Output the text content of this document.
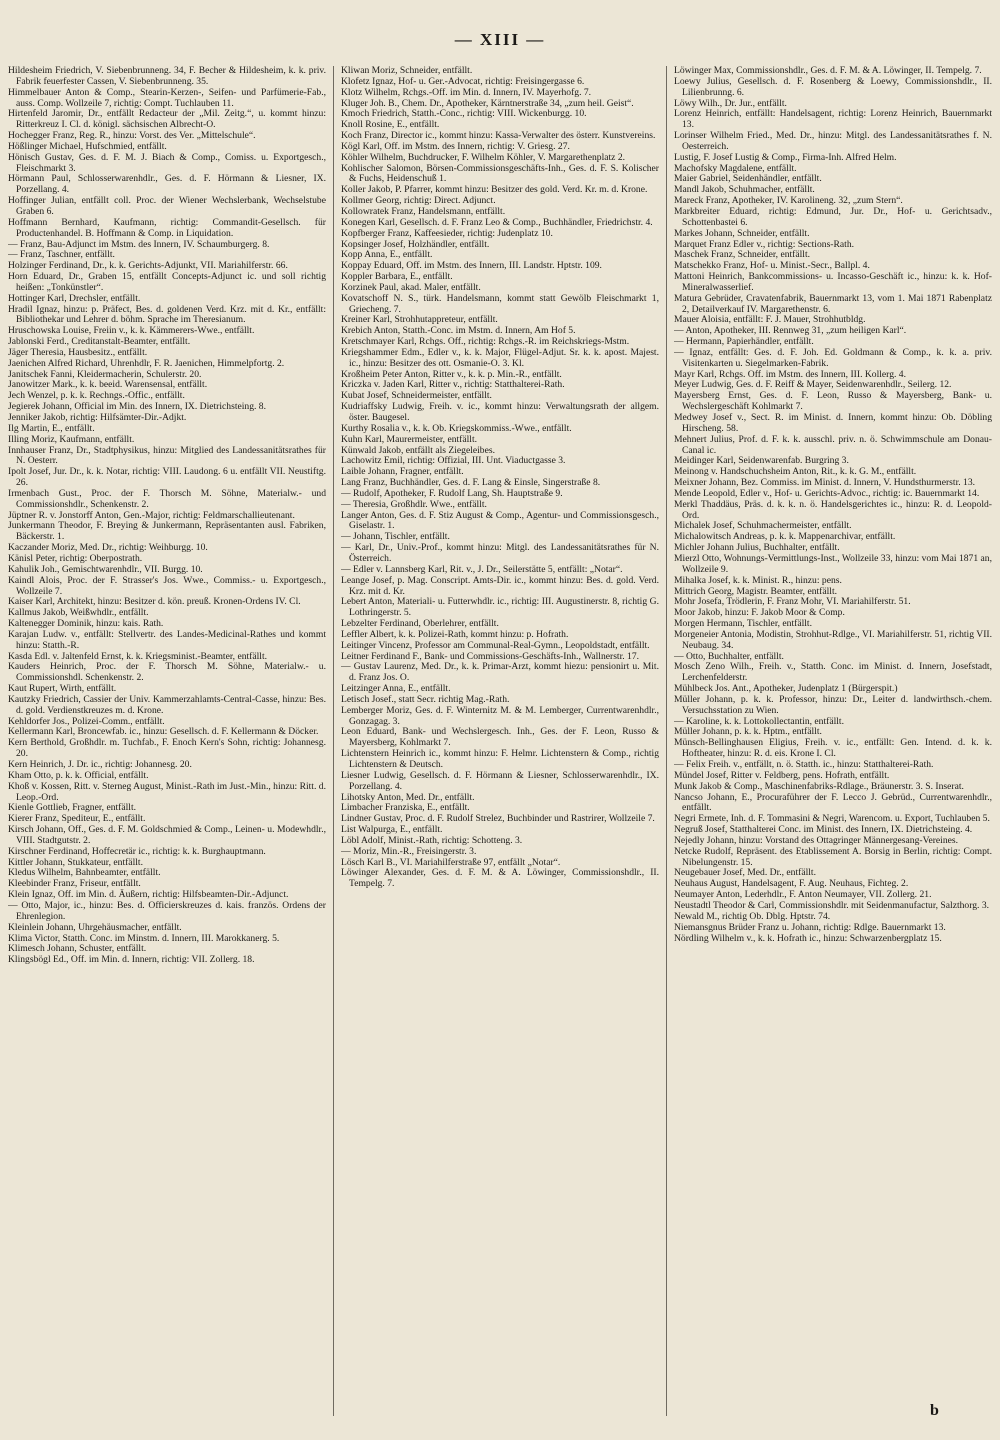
— XIII —

Hildesheim Friedrich, V. Siebenbrunneng. 34, F. Becher & Hildesheim, k. k. priv. Fabrik feuerfester Cassen, V. Siebenbrunneng. 35.

Himmelbauer Anton & Comp., Stearin-Kerzen-, Seifen- und Parfümerie-Fab., auss. Comp. Wollzeile 7, richtig: Compt. Tuchlauben 11.

Hirtenfeld Jaromir, Dr., entfällt Redacteur der „Mil. Zeitg.“, u. kommt hinzu: Ritterkreuz I. Cl. d. königl. sächsischen Albrecht-O.

Hochegger Franz, Reg. R., hinzu: Vorst. des Ver. „Mittelschule“.

Hößlinger Michael, Hufschmied, entfällt.

Hönisch Gustav, Ges. d. F. M. J. Biach & Comp., Comiss. u. Exportgesch., Fleischmarkt 3.

Hörmann Paul, Schlosserwarenhdlr., Ges. d. F. Hörmann & Liesner, IX. Porzellang. 4.

Hoffinger Julian, entfällt coll. Proc. der Wiener Wechslerbank, Wechselstube Graben 6.

Hoffmann Bernhard, Kaufmann, richtig: Commandit-Gesellsch. für Productenhandel. B. Hoffmann & Comp. in Liquidation.

— Franz, Bau-Adjunct im Mstm. des Innern, IV. Schaumburgerg. 8.

— Franz, Taschner, entfällt.

Holzinger Ferdinand, Dr., k. k. Gerichts-Adjunkt, VII. Mariahilferstr. 66.

Horn Eduard, Dr., Graben 15, entfällt Concepts-Adjunct ic. und soll richtig heißen: „Tonkünstler“.

Hottinger Karl, Drechsler, entfällt.

Hradil Ignaz, hinzu: p. Präfect, Bes. d. goldenen Verd. Krz. mit d. Kr., entfällt: Bibliothekar und Lehrer d. böhm. Sprache im Theresianum.

Hruschowska Louise, Freiin v., k. k. Kämmerers-Wwe., entfällt.

Jablonski Ferd., Creditanstalt-Beamter, entfällt.

Jäger Theresia, Hausbesitz., entfällt.

Jaenichen Alfred Richard, Uhrenhdlr, F. R. Jaenichen, Himmelpfortg. 2.

Janitschek Fanni, Kleidermacherin, Schulerstr. 20.

Janowitzer Mark., k. k. beeid. Warensensal, entfällt.

Jech Wenzel, p. k. k. Rechngs.-Offic., entfällt.

Jegierek Johann, Official im Min. des Innern, IX. Dietrichsteing. 8.

Jenniker Jakob, richtig: Hilfsämter-Dir.-Adjkt.

Ilg Martin, E., entfällt.

Illing Moriz, Kaufmann, entfällt.

Innhauser Franz, Dr., Stadtphysikus, hinzu: Mitglied des Landessanitätsrathes für N. Oesterr.

Ipolt Josef, Jur. Dr., k. k. Notar, richtig: VIII. Laudong. 6 u. entfällt VII. Neustiftg. 26.

Irmenbach Gust., Proc. der F. Thorsch M. Söhne, Materialw.- und Commissionshdlr., Schenkenstr. 2.

Jüptner R. v. Jonstorff Anton, Gen.-Major, richtig: Feldmarschallieutenant.

Junkermann Theodor, F. Breying & Junkermann, Repräsentanten ausl. Fabriken, Bäckerstr. 1.

Kaczander Moriz, Med. Dr., richtig: Weihburgg. 10.

Känisl Peter, richtig: Oberpostrath.

Kahulik Joh., Gemischtwarenhdlr., VII. Burgg. 10.

Kaindl Alois, Proc. der F. Strasser's Jos. Wwe., Commiss.- u. Exportgesch., Wollzeile 7.

Kaiser Karl, Architekt, hinzu: Besitzer d. kön. preuß. Kronen-Ordens IV. Cl.

Kallmus Jakob, Weißwhdlr., entfällt.

Kaltenegger Dominik, hinzu: kais. Rath.

Karajan Ludw. v., entfällt: Stellvertr. des Landes-Medicinal-Rathes und kommt hinzu: Statth.-R.

Kasda Edl. v. Jaltenfeld Ernst, k. k. Kriegsminist.-Beamter, entfällt.

Kauders Heinrich, Proc. der F. Thorsch M. Söhne, Materialw.- u. Commissionshdl. Schenkenstr. 2.

Kaut Rupert, Wirth, entfällt.

Kautzky Friedrich, Cassier der Univ. Kammerzahlamts-Central-Casse, hinzu: Bes. d. gold. Verdienstkreuzes m. d. Krone.

Kehldorfer Jos., Polizei-Comm., entfällt.

Kellermann Karl, Broncewfab. ic., hinzu: Gesellsch. d. F. Kellermann & Döcker.

Kern Berthold, Großhdlr. m. Tuchfab., F. Enoch Kern's Sohn, richtig: Johannesg. 20.

Kern Heinrich, J. Dr. ic., richtig: Johannesg. 20.

Kham Otto, p. k. k. Official, entfällt.

Khoß v. Kossen, Ritt. v. Sterneg August, Minist.-Rath im Just.-Min., hinzu: Ritt. d. Leop.-Ord.

Kienle Gottlieb, Fragner, entfällt.

Kierer Franz, Spediteur, E., entfällt.

Kirsch Johann, Off., Ges. d. F. M. Goldschmied & Comp., Leinen- u. Modewhdlr., VIII. Stadtgutstr. 2.

Kirschner Ferdinand, Hoffecretär ic., richtig: k. k. Burghauptmann.

Kittler Johann, Stukkateur, entfällt.

Kledus Wilhelm, Bahnbeamter, entfällt.

Kleebinder Franz, Friseur, entfällt.

Klein Ignaz, Off. im Min. d. Äußern, richtig: Hilfsbeamten-Dir.-Adjunct.

— Otto, Major, ic., hinzu: Bes. d. Officierskreuzes d. kais. französ. Ordens der Ehrenlegion.

Kleinlein Johann, Uhrgehäusmacher, entfällt.

Klima Victor, Statth. Conc. im Minstm. d. Innern, III. Marokkanerg. 5.

Klimesch Johann, Schuster, entfällt.

Klingsbögl Ed., Off. im Min. d. Innern, richtig: VII. Zollerg. 18.

Kliwan Moriz, Schneider, entfällt.

Klofetz Ignaz, Hof- u. Ger.-Advocat, richtig: Freisingergasse 6.

Klotz Wilhelm, Rchgs.-Off. im Min. d. Innern, IV. Mayerhofg. 7.

Kluger Joh. B., Chem. Dr., Apotheker, Kärntnerstraße 34, „zum heil. Geist“.

Kmoch Friedrich, Statth.-Conc., richtig: VIII. Wickenburgg. 10.

Knoll Rosine, E., entfällt.

Koch Franz, Director ic., kommt hinzu: Kassa-Verwalter des österr. Kunstvereins.

Kögl Karl, Off. im Mstm. des Innern, richtig: V. Griesg. 27.

Köhler Wilhelm, Buchdrucker, F. Wilhelm Köhler, V. Margarethenplatz 2.

Kohlischer Salomon, Börsen-Commissionsgeschäfts-Inh., Ges. d. F. S. Kolischer & Fuchs, Heidenschuß 1.

Koller Jakob, P. Pfarrer, kommt hinzu: Besitzer des gold. Verd. Kr. m. d. Krone.

Kollmer Georg, richtig: Direct. Adjunct.

Kollowratek Franz, Handelsmann, entfällt.

Konegen Karl, Gesellsch. d. F. Franz Leo & Comp., Buchhändler, Friedrichstr. 4.

Kopfberger Franz, Kaffeesieder, richtig: Judenplatz 10.

Kopsinger Josef, Holzhändler, entfällt.

Kopp Anna, E., entfällt.

Koppay Eduard, Off. im Mstm. des Innern, III. Landstr. Hptstr. 109.

Koppler Barbara, E., entfällt.

Korzinek Paul, akad. Maler, entfällt.

Kovatschoff N. S., türk. Handelsmann, kommt statt Gewölb Fleischmarkt 1, Griecheng. 7.

Kreiner Karl, Strohhutappreteur, entfällt.

Krebich Anton, Statth.-Conc. im Mstm. d. Innern, Am Hof 5.

Kretschmayer Karl, Rchgs. Off., richtig: Rchgs.-R. im Reichskriegs-Mstm.

Kriegshammer Edm., Edler v., k. k. Major, Flügel-Adjut. Sr. k. k. apost. Majest. ic., hinzu: Besitzer des ott. Osmanie-O. 3. Kl.

Kroßheim Peter Anton, Ritter v., k. k. p. Min.-R., entfällt.

Kriczka v. Jaden Karl, Ritter v., richtig: Statthalterei-Rath.

Kubat Josef, Schneidermeister, entfällt.

Kudriaffsky Ludwig, Freih. v. ic., kommt hinzu: Verwaltungsrath der allgem. öster. Baugesel.

Kurthy Rosalia v., k. k. Ob. Kriegskommiss.-Wwe., entfällt.

Kuhn Karl, Maurermeister, entfällt.

Künwald Jakob, entfällt als Ziegeleibes.

Lachowitz Emil, richtig: Offizial, III. Unt. Viaductgasse 3.

Laible Johann, Fragner, entfällt.

Lang Franz, Buchhändler, Ges. d. F. Lang & Einsle, Singerstraße 8.

— Rudolf, Apotheker, F. Rudolf Lang, Sh. Hauptstraße 9.

— Theresia, Großhdlr. Wwe., entfällt.

Langer Anton, Ges. d. F. Stiz August & Comp., Agentur- und Commissionsgesch., Giselastr. 1.

— Johann, Tischler, entfällt.

— Karl, Dr., Univ.-Prof., kommt hinzu: Mitgl. des Landessanitätsrathes für N. Österreich.

— Edler v. Lannsberg Karl, Rit. v., J. Dr., Seilerstätte 5, entfällt: „Notar“.

Leange Josef, p. Mag. Conscript. Amts-Dir. ic., kommt hinzu: Bes. d. gold. Verd. Krz. mit d. Kr.

Lebert Anton, Materiali- u. Futterwhdlr. ic., richtig: III. Augustinerstr. 8, richtig G. Lothringerstr. 5.

Lebzelter Ferdinand, Oberlehrer, entfällt.

Leffler Albert, k. k. Polizei-Rath, kommt hinzu: p. Hofrath.

Leitinger Vincenz, Professor am Communal-Real-Gymn., Leopoldstadt, entfällt.

Leitner Ferdinand F., Bank- und Commissions-Geschäfts-Inh., Wallnerstr. 17.

— Gustav Laurenz, Med. Dr., k. k. Primar-Arzt, kommt hiezu: pensionirt u. Mit. d. Franz Jos. O.

Leitzinger Anna, E., entfällt.

Letisch Josef., statt Secr. richtig Mag.-Rath.

Lemberger Moriz, Ges. d. F. Winternitz M. & M. Lemberger, Currentwarenhdlr., Gonzagag. 3.

Leon Eduard, Bank- und Wechslergesch. Inh., Ges. der F. Leon, Russo & Mayersberg, Kohlmarkt 7.

Lichtenstern Heinrich ic., kommt hinzu: F. Helmr. Lichtenstern & Comp., richtig Lichtenstern & Deutsch.

Liesner Ludwig, Gesellsch. d. F. Hörmann & Liesner, Schlosserwarenhdlr., IX. Porzellang. 4.

Lihotsky Anton, Med. Dr., entfällt.

Limbacher Franziska, E., entfällt.

Lindner Gustav, Proc. d. F. Rudolf Strelez, Buchbinder und Rastrirer, Wollzeile 7.

List Walpurga, E., entfällt.

Löbl Adolf, Minist.-Rath, richtig: Schotteng. 3.

— Moriz, Min.-R., Freisingerstr. 3.

Lösch Karl B., VI. Mariahilferstraße 97, entfällt „Notar“.

Löwinger Alexander, Ges. d. F. M. & A. Löwinger, Commissionshdlr., II. Tempelg. 7.

Löwinger Max, Commissionshdlr., Ges. d. F. M. & A. Löwinger, II. Tempelg. 7.

Loewy Julius, Gesellsch. d. F. Rosenberg & Loewy, Commissionshdlr., II. Lilienbrunng. 6.

Löwy Wilh., Dr. Jur., entfällt.

Lorenz Heinrich, entfällt: Handelsagent, richtig: Lorenz Heinrich, Bauernmarkt 13.

Lorinser Wilhelm Fried., Med. Dr., hinzu: Mitgl. des Landessanitätsrathes f. N. Oesterreich.

Lustig, F. Josef Lustig & Comp., Firma-Inh. Alfred Helm.

Machofsky Magdalene, entfällt.

Maier Gabriel, Seidenhändler, entfällt.

Mandl Jakob, Schuhmacher, entfällt.

Mareck Franz, Apotheker, IV. Karolineng. 32, „zum Stern“.

Markbreiter Eduard, richtig: Edmund, Jur. Dr., Hof- u. Gerichtsadv., Schottenbastei 6.

Markes Johann, Schneider, entfällt.

Marquet Franz Edler v., richtig: Sections-Rath.

Maschek Franz, Schneider, entfällt.

Matschekko Franz, Hof- u. Minist.-Secr., Ballpl. 4.

Mattoni Heinrich, Bankcommissions- u. Incasso-Geschäft ic., hinzu: k. k. Hof-Mineralwasserlief.

Matura Gebrüder, Cravatenfabrik, Bauernmarkt 13, vom 1. Mai 1871 Rabenplatz 2, Detailverkauf IV. Margarethenstr. 6.

Mauer Aloisia, entfällt: F. J. Mauer, Strohhutbldg.

— Anton, Apotheker, III. Rennweg 31, „zum heiligen Karl“.

— Hermann, Papierhändler, entfällt.

— Ignaz, entfällt: Ges. d. F. Joh. Ed. Goldmann & Comp., k. k. a. priv. Visitenkarten u. Siegelmarken-Fabrik.

Mayr Karl, Rchgs. Off. im Mstm. des Innern, III. Kollerg. 4.

Meyer Ludwig, Ges. d. F. Reiff & Mayer, Seidenwarenhdlr., Seilerg. 12.

Mayersberg Ernst, Ges. d. F. Leon, Russo & Mayersberg, Bank- u. Wechslergeschäft Kohlmarkt 7.

Medwey Josef v., Sect. R. im Minist. d. Innern, kommt hinzu: Ob. Döbling Hirscheng. 58.

Mehnert Julius, Prof. d. F. k. k. ausschl. priv. n. ö. Schwimmschule am Donau-Canal ic.

Meidinger Karl, Seidenwarenfab. Burgring 3.

Meinong v. Handschuchsheim Anton, Rit., k. k. G. M., entfällt.

Meixner Johann, Bez. Commiss. im Minist. d. Innern, V. Hundsthurmerstr. 13.

Mende Leopold, Edler v., Hof- u. Gerichts-Advoc., richtig: ic. Bauernmarkt 14.

Merkl Thaddäus, Präs. d. k. k. n. ö. Handelsgerichtes ic., hinzu: R. d. Leopold-Ord.

Michalek Josef, Schuhmachermeister, entfällt.

Michalowitsch Andreas, p. k. k. Mappenarchivar, entfällt.

Michler Johann Julius, Buchhalter, entfällt.

Mierzl Otto, Wohnungs-Vermittlungs-Inst., Wollzeile 33, hinzu: vom Mai 1871 an, Wollzeile 9.

Mihalka Josef, k. k. Minist. R., hinzu: pens.

Mittrich Georg, Magistr. Beamter, entfällt.

Mohr Josefa, Trödlerin, F. Franz Mohr, VI. Mariahilferstr. 51.

Moor Jakob, hinzu: F. Jakob Moor & Comp.

Morgen Hermann, Tischler, entfällt.

Morgeneier Antonia, Modistin, Strohhut-Rdlge., VI. Mariahilferstr. 51, richtig VII. Neubaug. 34.

— Otto, Buchhalter, entfällt.

Mosch Zeno Wilh., Freih. v., Statth. Conc. im Minist. d. Innern, Josefstadt, Lerchenfelderstr.

Mühlbeck Jos. Ant., Apotheker, Judenplatz 1 (Bürgerspit.)

Müller Johann, p. k. k. Professor, hinzu: Dr., Leiter d. landwirthsch.-chem. Versuchsstation zu Wien.

— Karoline, k. k. Lottokollectantin, entfällt.

Müller Johann, p. k. k. Hptm., entfällt.

Münsch-Bellinghausen Eligius, Freih. v. ic., entfällt: Gen. Intend. d. k. k. Hoftheater, hinzu: R. d. eis. Krone I. Cl.

— Felix Freih. v., entfällt, n. ö. Statth. ic., hinzu: Statthalterei-Rath.

Mündel Josef, Ritter v. Feldberg, pens. Hofrath, entfällt.

Munk Jakob & Comp., Maschinenfabriks-Rdlage., Bräunerstr. 3. S. Inserat.

Nancso Johann, E., Procuraführer der F. Lecco J. Gebrüd., Currentwarenhdlr., entfällt.

Negri Ermete, Inh. d. F. Tommasini & Negri, Warencom. u. Export, Tuchlauben 5.

Negruß Josef, Statthalterei Conc. im Minist. des Innern, IX. Dietrichsteing. 4.

Nejedly Johann, hinzu: Vorstand des Ottagringer Männergesang-Vereines.

Netcke Rudolf, Repräsent. des Etablissement A. Borsig in Berlin, richtig: Compt. Nibelungenstr. 15.

Neugebauer Josef, Med. Dr., entfällt.

Neuhaus August, Handelsagent, F. Aug. Neuhaus, Fichteg. 2.

Neumayer Anton, Lederhdlr., F. Anton Neumayer, VII. Zollerg. 21.

Neustadtl Theodor & Carl, Commissionshdlr. mit Seidenmanufactur, Salzthorg. 3.

Newald M., richtig Ob. Dblg. Hptstr. 74.

Niemansgnus Brüder Franz u. Johann, richtig: Rdlge. Bauernmarkt 13.

Nördling Wilhelm v., k. k. Hofrath ic., hinzu: Schwarzenbergplatz 15.

b
